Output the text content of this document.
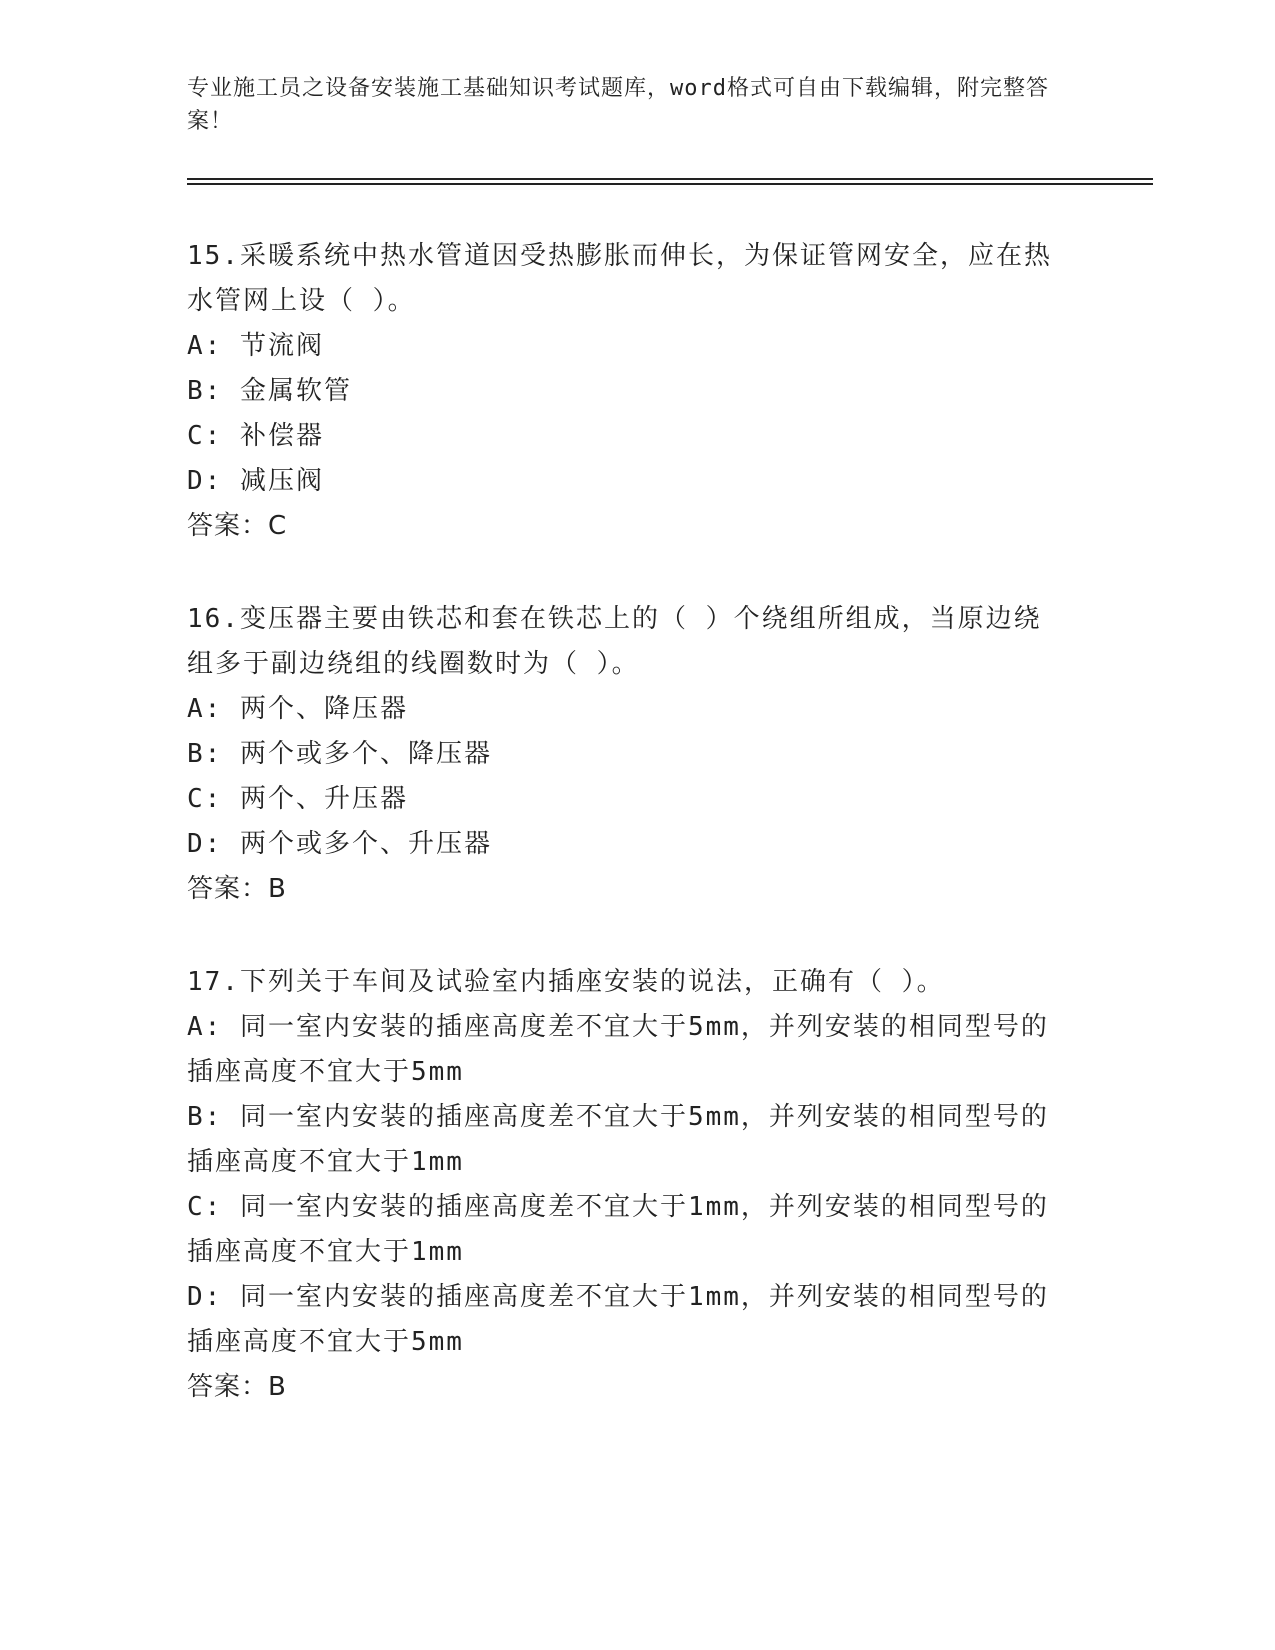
专业施工员之设备安装施工基础知识考试题库，word格式可自由下载编辑，附完整答案！
15.采暖系统中热水管道因受热膨胀而伸长，为保证管网安全，应在热水管网上设（ ）。
A: 节流阀
B: 金属软管
C: 补偿器
D: 减压阀
答案：C
16.变压器主要由铁芯和套在铁芯上的（ ）个绕组所组成，当原边绕组多于副边绕组的线圈数时为（ ）。
A: 两个、降压器
B: 两个或多个、降压器
C: 两个、升压器
D: 两个或多个、升压器
答案：B
17.下列关于车间及试验室内插座安装的说法，正确有（ ）。
A: 同一室内安装的插座高度差不宜大于5mm，并列安装的相同型号的插座高度不宜大于5mm
B: 同一室内安装的插座高度差不宜大于5mm，并列安装的相同型号的插座高度不宜大于1mm
C: 同一室内安装的插座高度差不宜大于1mm，并列安装的相同型号的插座高度不宜大于1mm
D: 同一室内安装的插座高度差不宜大于1mm，并列安装的相同型号的插座高度不宜大于5mm
答案：B
